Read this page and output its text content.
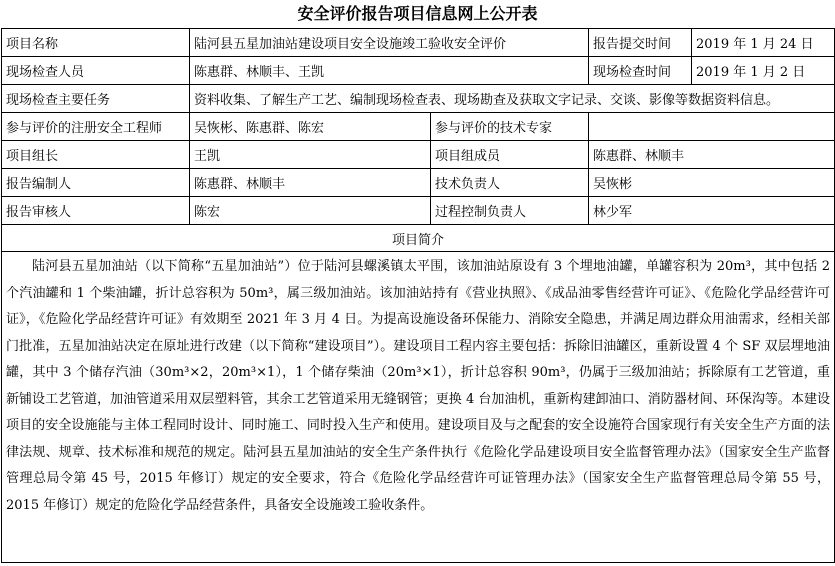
安全评价报告项目信息网上公开表
项目名称	陆河县五星加油站建设项目安全设施竣工验收安全评价		报告提交时间	2019 年 1 月 24 日
现场检查人员	陈惠群、林顺丰、王凯		现场检查时间	2019 年 1 月 2 日
现场检查主要任务	资料收集、了解生产工艺、编制现场检查表、现场勘查及获取文字记录、交谈、影像等数据资料信息。			
参与评价的注册安全工程师	吴恢彬、陈惠群、陈宏	参与评价的技术专家		
项目组长	王凯	项目组成员	陈惠群、林顺丰	
报告编制人	陈惠群、林顺丰	技术负责人	吴恢彬	
报告审核人	陈宏	过程控制负责人	林少军	
项目简介				
陆河县五星加油站（以下简称“五星加油站”）位于陆河县螺溪镇太平围，该加油站原设有 3 个埋地油罐，单罐容积为 20m³，其中包括 2 个汽油罐和 1 个柴油罐，折计总容积为 50m³，属三级加油站。该加油站持有《营业执照》、《成品油零售经营许可证》、《危险化学品经营许可证》，《危险化学品经营许可证》有效期至 2021 年 3 月 4 日。为提高设施设备环保能力、消除安全隐患，并满足周边群众用油需求，经相关部门批准，五星加油站决定在原址进行改建（以下简称“建设项目”）。建设项目工程内容主要包括：拆除旧油罐区，重新设置 4 个 SF 双层埋地油罐，其中 3 个储存汽油（30m³×2，20m³×1），1 个储存柴油（20m³×1），折计总容积 90m³，仍属于三级加油站；拆除原有工艺管道，重新铺设工艺管道，加油管道采用双层塑料管，其余工艺管道采用无缝钢管；更换 4 台加油机，重新构建卸油口、消防器材间、环保沟等。本建设项目的安全设施能与主体工程同时设计、同时施工、同时投入生产和使用。建设项目及与之配套的安全设施符合国家现行有关安全生产方面的法律法规、规章、技术标准和规范的规定。陆河县五星加油站的安全生产条件执行《危险化学品建设项目安全监督管理办法》（国家安全生产监督管理总局令第 45 号，2015 年修订）规定的安全要求，符合《危险化学品经营许可证管理办法》（国家安全生产监督管理总局令第 55 号，2015 年修订）规定的危险化学品经营条件，具备安全设施竣工验收条件。				
